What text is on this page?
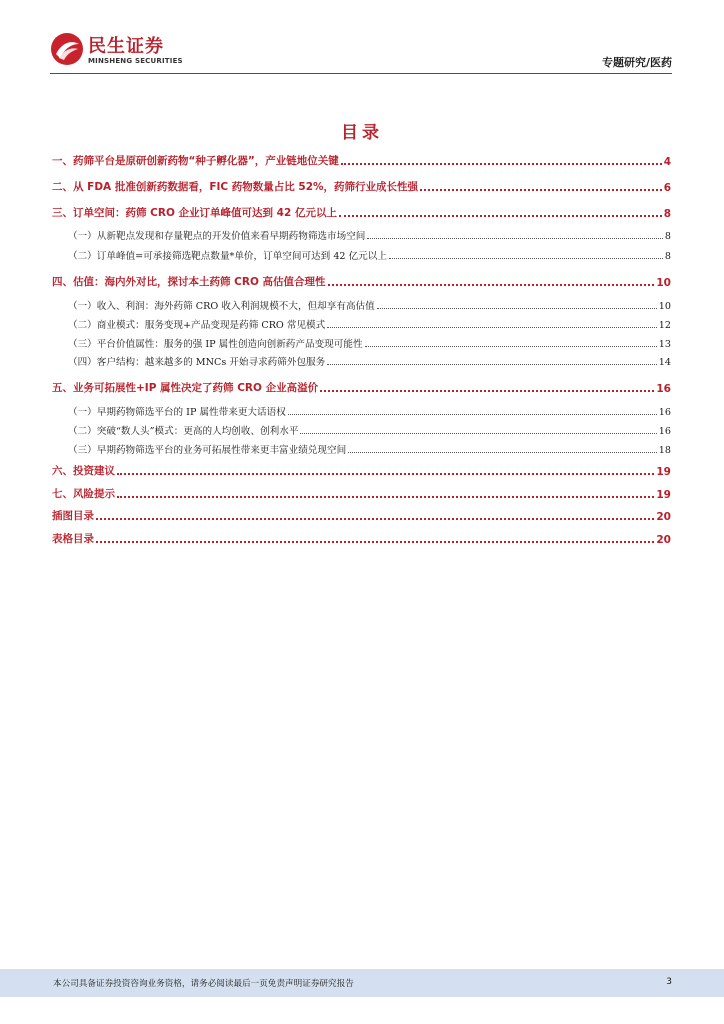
民生证券
MINSHENG SECURITIES	专题研究/医药
目录
一、药筛平台是原研创新药物“种子孵化器”，产业链地位关键	4
二、从 FDA 批准创新药数据看，FIC 药物数量占比 52%，药筛行业成长性强	6
三、订单空间：药筛 CRO 企业订单峰值可达到 42 亿元以上	8
（一）从新靶点发现和存量靶点的开发价值来看早期药物筛选市场空间	8
（二）订单峰值=可承接筛选靶点数量*单价，订单空间可达到 42 亿元以上	8
四、估值：海内外对比，探讨本土药筛 CRO 高估值合理性	10
（一）收入、利润：海外药筛 CRO 收入利润规模不大，但却享有高估值	10
（二）商业模式：服务变现+产品变现是药筛 CRO 常见模式	12
（三）平台价值属性：服务的强 IP 属性创造向创新药产品变现可能性	13
（四）客户结构：越来越多的 MNCs 开始寻求药筛外包服务	14
五、业务可拓展性+IP 属性决定了药筛 CRO 企业高溢价	16
（一）早期药物筛选平台的 IP 属性带来更大话语权	16
（二）突破“数人头”模式：更高的人均创收、创利水平	16
（三）早期药物筛选平台的业务可拓展性带来更丰富业绩兑现空间	18
六、投资建议	19
七、风险提示	19
插图目录	20
表格目录	20
本公司具备证券投资咨询业务资格，请务必阅读最后一页免责声明证券研究报告	3
